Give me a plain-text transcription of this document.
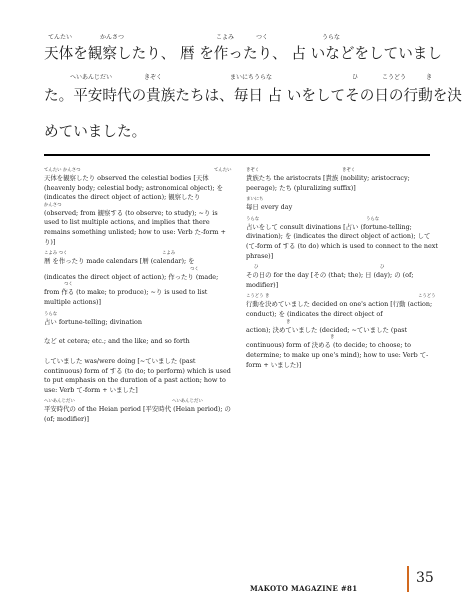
てんたい	かんさつ	こよみ	つく	うらな
天体を観察したり、 暦 を作ったり、 占 いなどをしていまし
へいあんじだい	きぞく	まいにちうらな	ひ	こうどう	き
た。平安時代の貴族たちは、毎日 占 いをしてその日の行動を決
めていました。
てんたい かんさつ	てんたい
天体を観察したり observed the celestial bodies [天体 (heavenly body; celestial body; astronomical object); を (indicates the direct object of action); 観察したり
かんさつ
(observed; from 観察する (to observe; to study); ~り is used to list multiple actions, and implies that there remains something unlisted; how to use: Verb た-form + り)]
こよみ つく	こよみ
暦 を作ったり made calendars [暦 (calendar); を
つく
(indicates the direct object of action); 作ったり (made;
つく
from 作る (to make; to produce); ~り is used to list multiple actions)]
うらな
占い fortune-telling; divination
など et cetera; etc.; and the like; and so forth
していました was/were doing [~ていました (past continuous) form of する (to do; to perform) which is used to put emphasis on the duration of a past action; how to use: Verb て-form + いました]
へいあんじだい	へいあんじだい
平安時代の of the Heian period [平安時代 (Heian period); の (of; modifier)]
きぞく	きぞく
貴族たち the aristocrats [貴族 (nobility; aristocracy; peerage); たち (pluralizing suffix)]
まいにち
毎日 every day
うらな	うらな
占いをして consult divinations [占い (fortune-telling; divination); を (indicates the direct object of action); して (て-form of する (to do) which is used to connect to the next phrase)]
ひ	ひ
その日の for the day [その (that; the); 日 (day); の (of; modifier)]
こうどう き	こうどう
行動を決めていました decided on one's action [行動 (action; conduct); を (indicates the direct object of
き
action); 決めていました (decided; ~ていました (past
き
continuous) form of 決める (to decide; to choose; to determine; to make up one's mind); how to use: Verb て-form + いました)]
MAKOTO MAGAZINE #81
35
